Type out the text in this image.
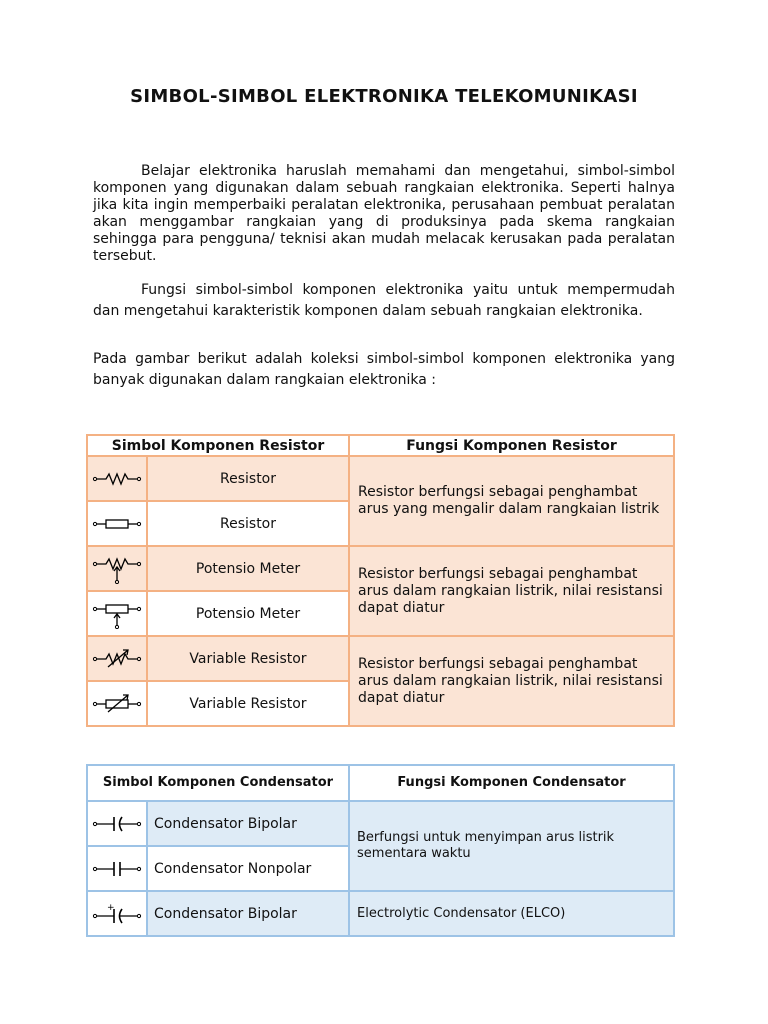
SIMBOL-SIMBOL ELEKTRONIKA TELEKOMUNIKASI

Belajar elektronika haruslah memahami dan mengetahui, simbol-simbol komponen yang digunakan dalam sebuah rangkaian elektronika. Seperti halnya jika kita ingin memperbaiki peralatan elektronika, perusahaan pembuat peralatan akan menggambar rangkaian yang di produksinya pada skema rangkaian sehingga para pengguna/ teknisi akan mudah melacak kerusakan pada peralatan tersebut.

Fungsi simbol-simbol komponen elektronika yaitu untuk mempermudah dan mengetahui karakteristik komponen dalam sebuah rangkaian elektronika.

Pada gambar berikut adalah koleksi simbol-simbol komponen elektronika yang banyak digunakan dalam rangkaian elektronika :

Simbol Komponen Resistor		Fungsi Komponen Resistor

	Resistor	Resistor berfungsi sebagai penghambat arus yang mengalir dalam rangkaian listrik

	Resistor	

	Potensio Meter	Resistor berfungsi sebagai penghambat arus dalam rangkaian listrik, nilai resistansi dapat diatur

	Potensio Meter	

	Variable Resistor	Resistor berfungsi sebagai penghambat arus dalam rangkaian listrik, nilai resistansi dapat diatur

	Variable Resistor	
Simbol Komponen Condensator		Fungsi Komponen Condensator

	Condensator Bipolar	Berfungsi untuk menyimpan arus listrik sementara waktu

	Condensator Nonpolar	

+	Condensator Bipolar	Electrolytic Condensator (ELCO)
